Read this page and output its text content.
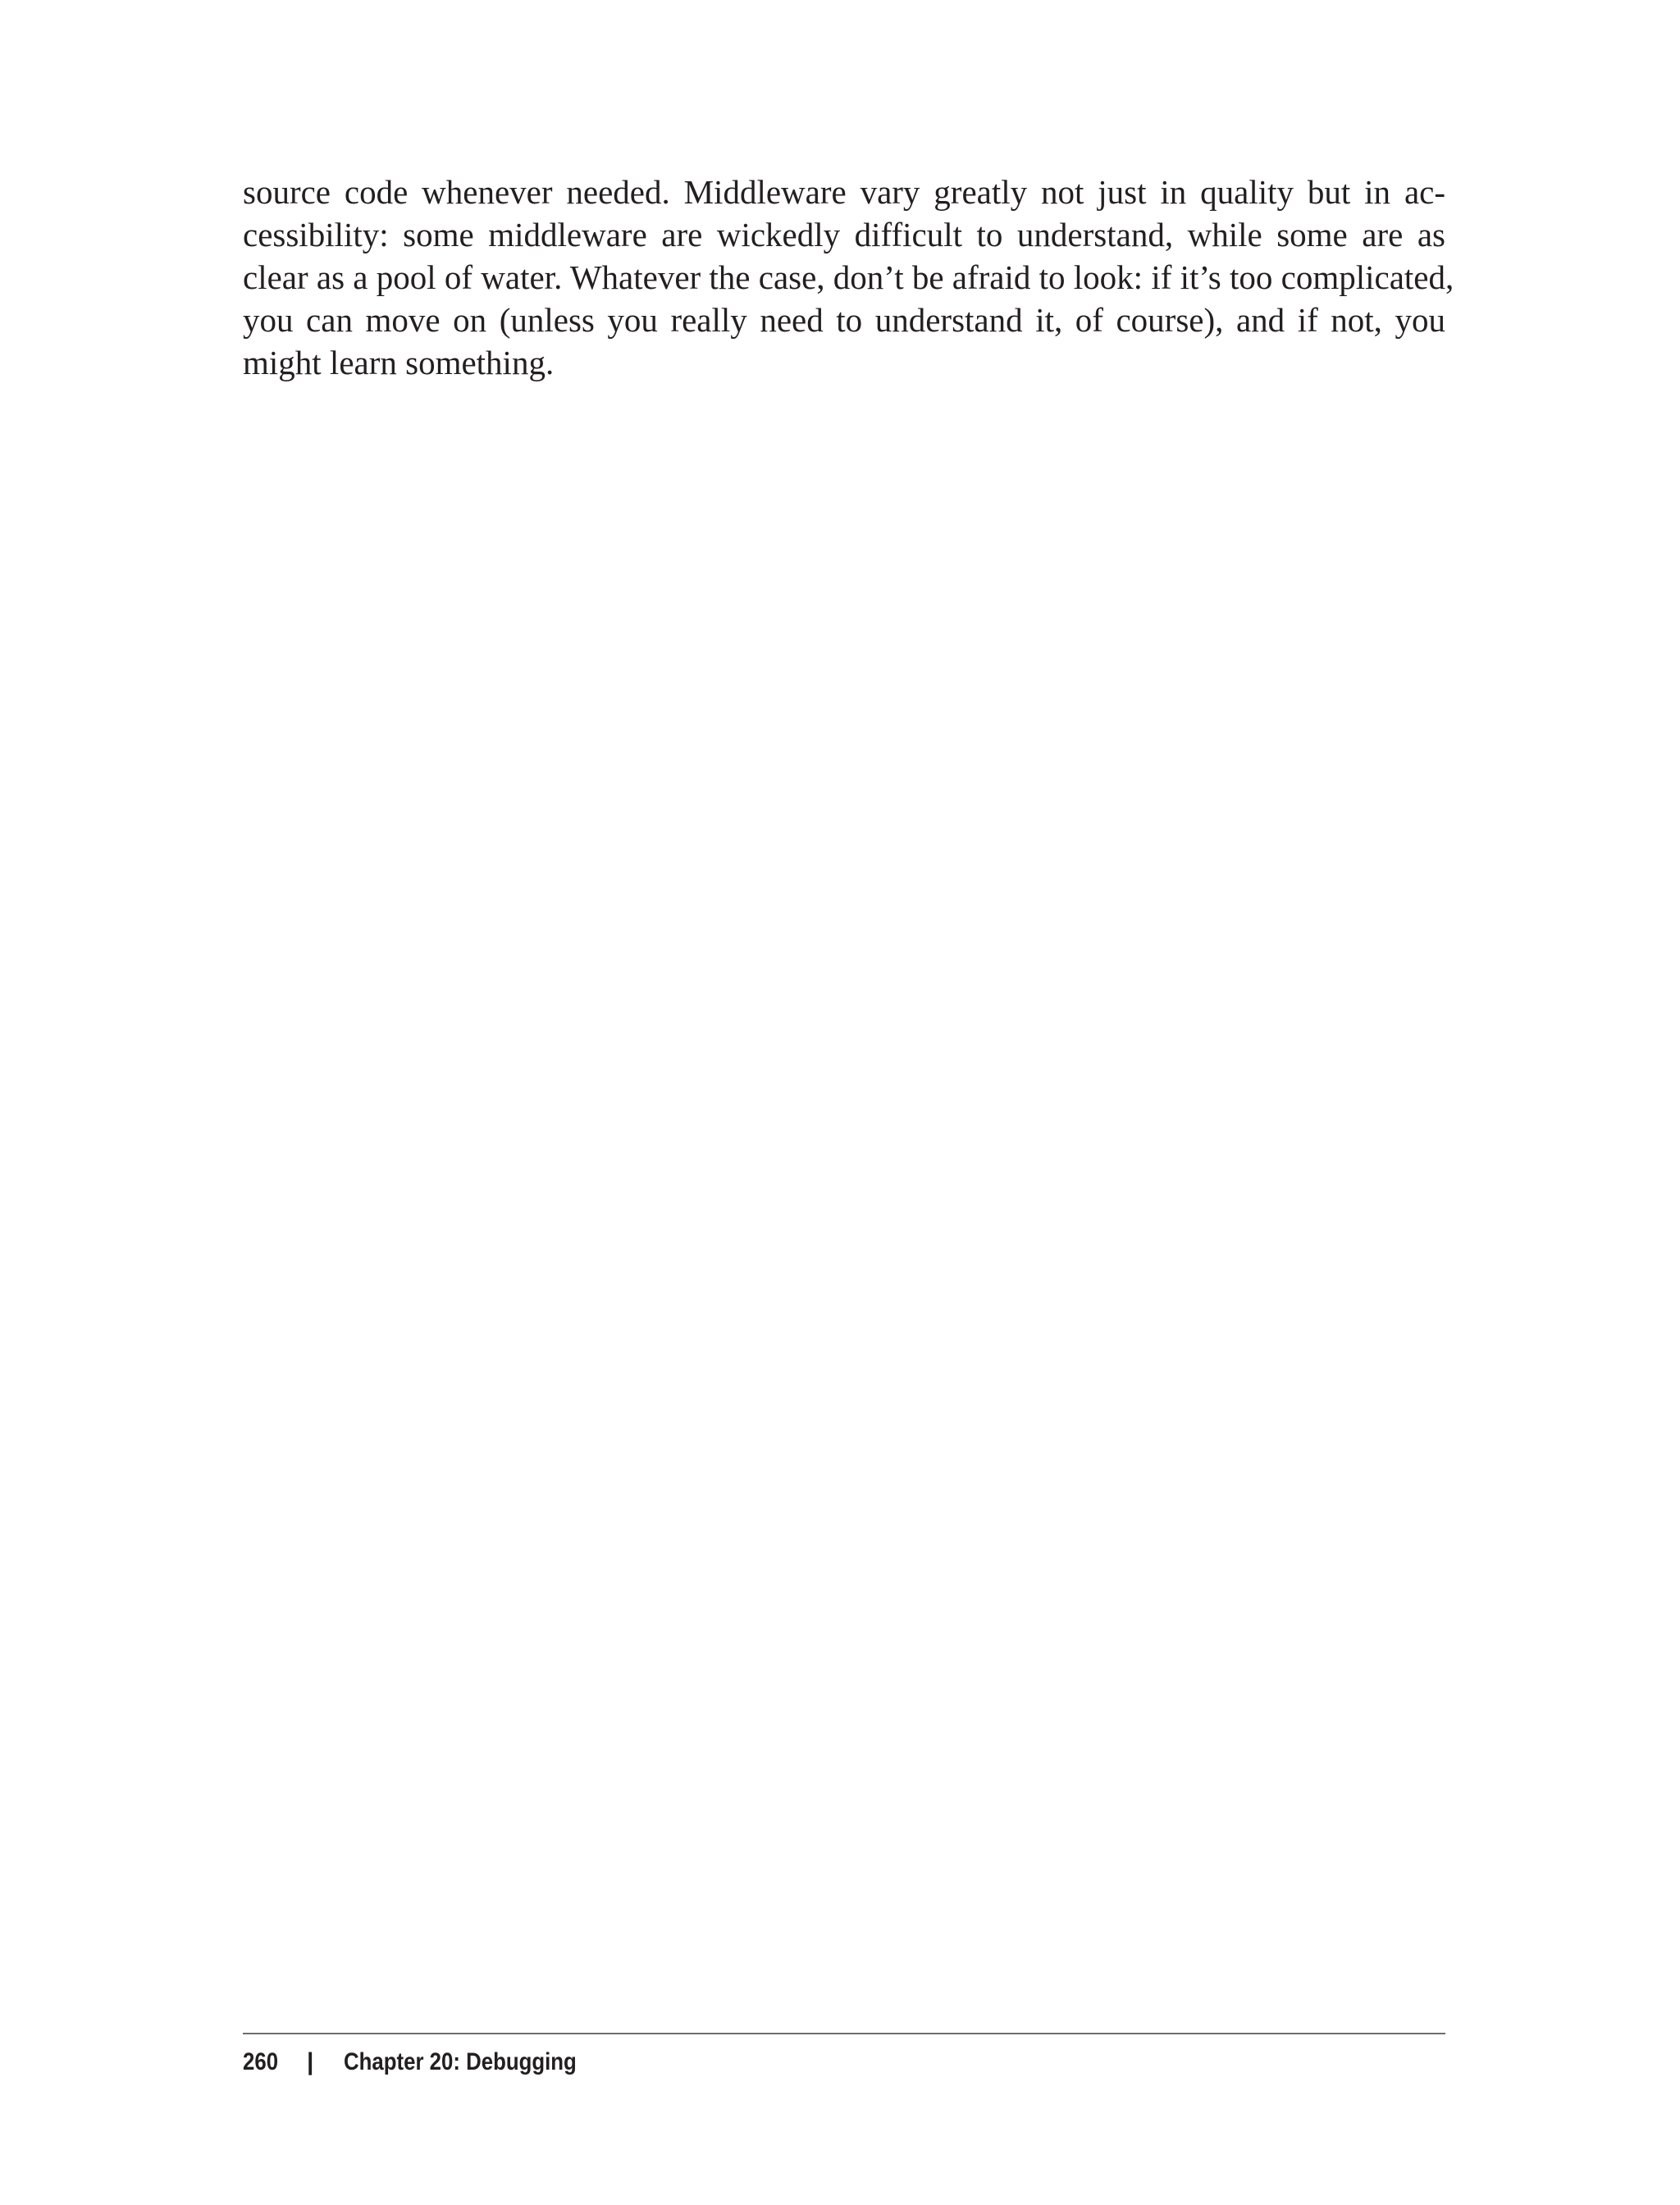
source code whenever needed. Middleware vary greatly not just in quality but in ac-
cessibility: some middleware are wickedly difficult to understand, while some are as
clear as a pool of water. Whatever the case, don’t be afraid to look: if it’s too complicated,
you can move on (unless you really need to understand it, of course), and if not, you
might learn something.
260 | Chapter 20: Debugging
